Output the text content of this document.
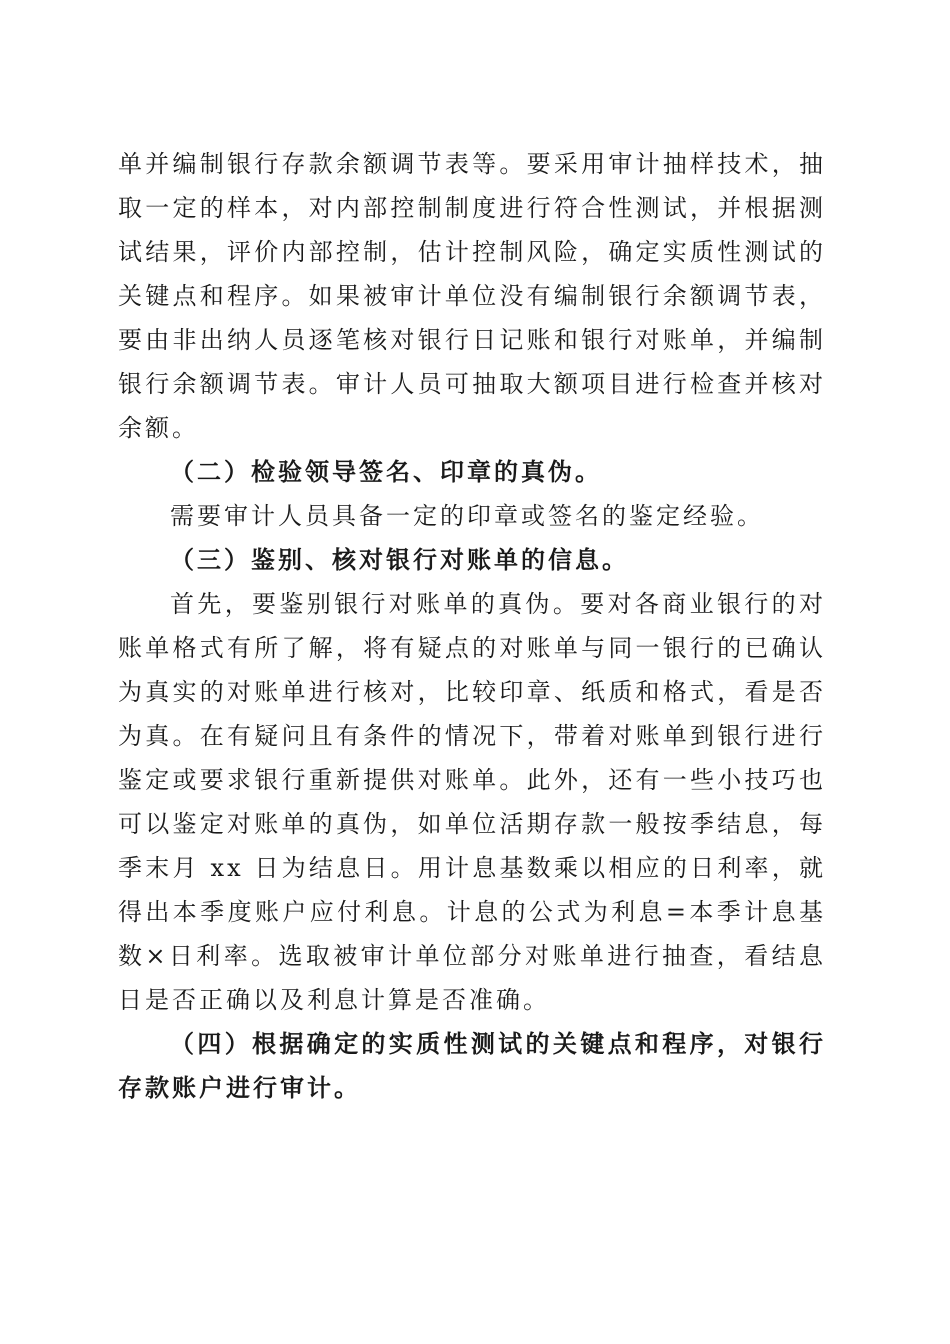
单并编制银行存款余额调节表等。要采用审计抽样技术，抽取一定的样本，对内部控制制度进行符合性测试，并根据测试结果，评价内部控制，估计控制风险，确定实质性测试的关键点和程序。如果被审计单位没有编制银行余额调节表，要由非出纳人员逐笔核对银行日记账和银行对账单，并编制银行余额调节表。审计人员可抽取大额项目进行检查并核对余额。

（二）检验领导签名、印章的真伪。

需要审计人员具备一定的印章或签名的鉴定经验。

（三）鉴别、核对银行对账单的信息。

首先，要鉴别银行对账单的真伪。要对各商业银行的对账单格式有所了解，将有疑点的对账单与同一银行的已确认为真实的对账单进行核对，比较印章、纸质和格式，看是否为真。在有疑问且有条件的情况下，带着对账单到银行进行鉴定或要求银行重新提供对账单。此外，还有一些小技巧也可以鉴定对账单的真伪，如单位活期存款一般按季结息，每季末月 xx 日为结息日。用计息基数乘以相应的日利率，就得出本季度账户应付利息。计息的公式为利息=本季计息基数×日利率。选取被审计单位部分对账单进行抽查，看结息日是否正确以及利息计算是否准确。

（四）根据确定的实质性测试的关键点和程序，对银行存款账户进行审计。
